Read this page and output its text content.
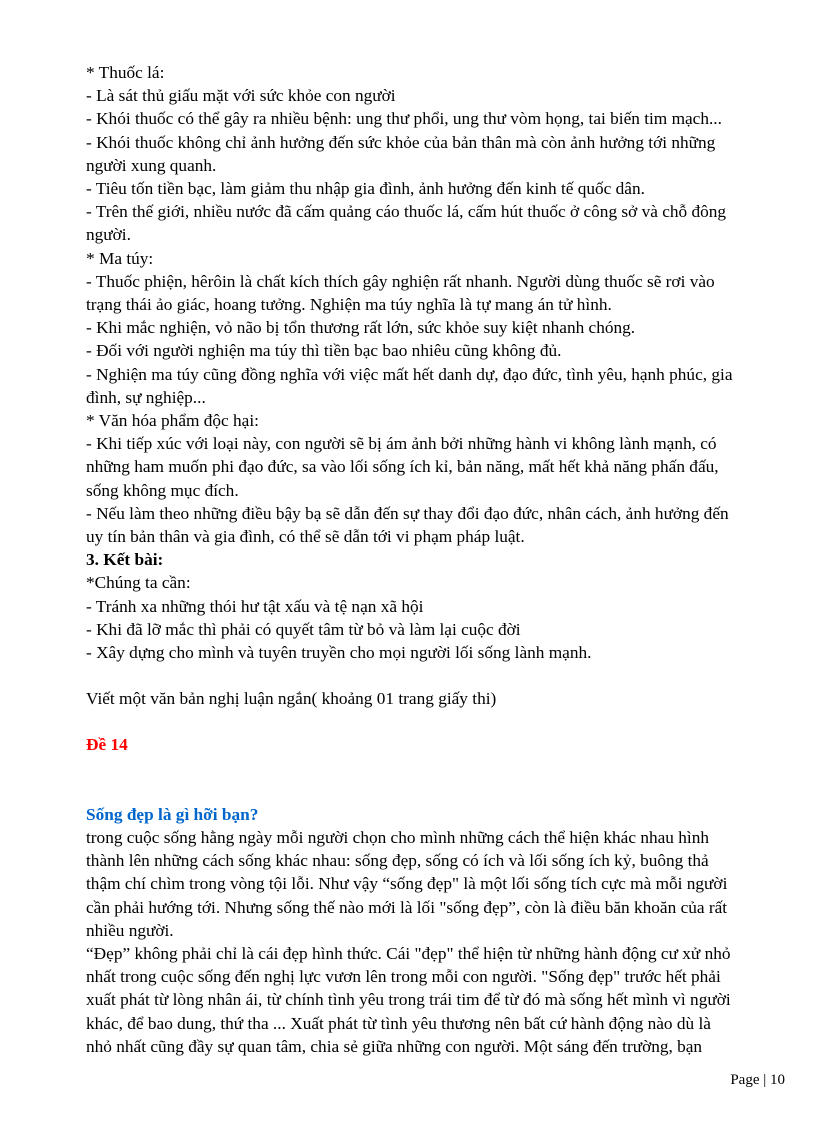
* Thuốc lá:

- Là sát thủ giấu mặt với sức khỏe con người

- Khói thuốc có thể gây ra nhiều bệnh: ung thư phổi, ung thư vòm họng, tai biến tim mạch...

- Khói thuốc không chỉ ảnh hưởng đến sức khỏe của bản thân mà còn ảnh hưởng tới những

người xung quanh.

- Tiêu tốn tiền bạc, làm giảm thu nhập gia đình, ảnh hưởng đến kinh tế quốc dân.

- Trên thế giới, nhiều nước đã cấm quảng cáo thuốc lá, cấm hút thuốc ở công sở và chỗ đông

người.

* Ma túy:

- Thuốc phiện, hêrôin là chất kích thích gây nghiện rất nhanh. Người dùng thuốc sẽ rơi vào

trạng thái ảo giác, hoang tưởng. Nghiện ma túy nghĩa là tự mang án tử hình.

- Khi mắc nghiện, vỏ não bị tổn thương rất lớn, sức khỏe suy kiệt nhanh chóng.

- Đối với người nghiện ma túy thì tiền bạc bao nhiêu cũng không đủ.

- Nghiện ma túy cũng đồng nghĩa với việc mất hết danh dự, đạo đức, tình yêu, hạnh phúc, gia

đình, sự nghiệp...

* Văn hóa phẩm độc hại:

- Khi tiếp xúc với loại này, con người sẽ bị ám ảnh bởi những hành vi không lành mạnh, có

những ham muốn phi đạo đức, sa vào lối sống ích kỉ, bản năng, mất hết khả năng phấn đấu,

sống không mục đích.

- Nếu làm theo những điều bậy bạ sẽ dẫn đến sự thay đổi đạo đức, nhân cách, ảnh hưởng đến

uy tín bản thân và gia đình, có thể sẽ dẫn tới vi phạm pháp luật.

3. Kết bài:

*Chúng ta cần:

- Tránh xa những thói hư tật xấu và tệ nạn xã hội

- Khi đã lỡ mắc thì phải có quyết tâm từ bỏ và làm lại cuộc đời

- Xây dựng cho mình và tuyên truyền cho mọi người lối sống lành mạnh.

Viết một văn bản nghị luận ngắn( khoảng 01 trang giấy thi)

Đề 14

Sống đẹp là gì hỡi bạn?

trong cuộc sống hằng ngày mỗi người chọn cho mình những cách thể hiện khác nhau hình

thành lên những cách sống khác nhau: sống đẹp, sống có ích và lối sống ích kỷ, buông thả

thậm chí chìm trong vòng tội lỗi. Như vậy “sống đẹp" là một lối sống tích cực mà mỗi người

cần phải hướng tới. Nhưng sống thế nào mới là lối "sống đẹp”, còn là điều băn khoăn của rất

nhiều người.

“Đẹp” không phải chỉ là cái đẹp hình thức. Cái "đẹp" thể hiện từ những hành động cư xử nhỏ

nhất trong cuộc sống đến nghị lực vươn lên trong mỗi con người. "Sống đẹp" trước hết phải

xuất phát từ lòng nhân ái, từ chính tình yêu trong trái tim để từ đó mà sống hết mình vì người

khác, để bao dung, thứ tha ... Xuất phát từ tình yêu thương nên bất cứ hành động nào dù là

nhỏ nhất cũng đầy sự quan tâm, chia sẻ giữa những con người. Một sáng đến trường, bạn

Page | 10
